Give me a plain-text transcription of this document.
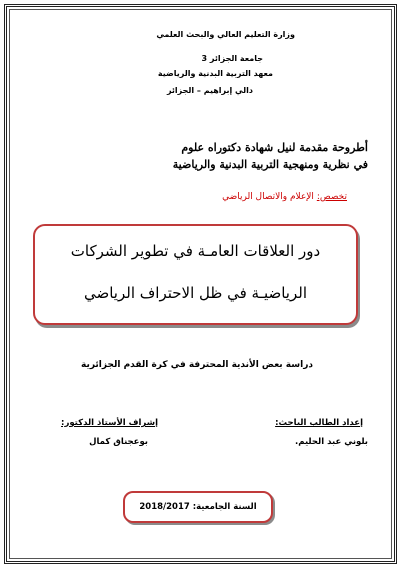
وزارة التعليم العالي والبحث العلمي
جامعة الجزائر 3
معهد التربية البدنية والرياضية
دالي إبراهيم – الجزائر
أطروحة مقدمة لنيل شهادة دكتوراه علوم
في نظرية ومنهجية التربية البدنية والرياضية
تخصص: الإعلام والاتصال الرياضي
دور العلاقات العامـة في تطوير الشركات
الرياضيـة في ظل الاحتراف الرياضي
دراسة بعض الأندية المحترفة في كرة القدم الجزائرية
إعداد الطالب الباحث:
إشراف الأستاذ الدكتور:
بلوني عبد الحليم.
بوعجناق كمال
السنة الجامعية: 2018/2017
